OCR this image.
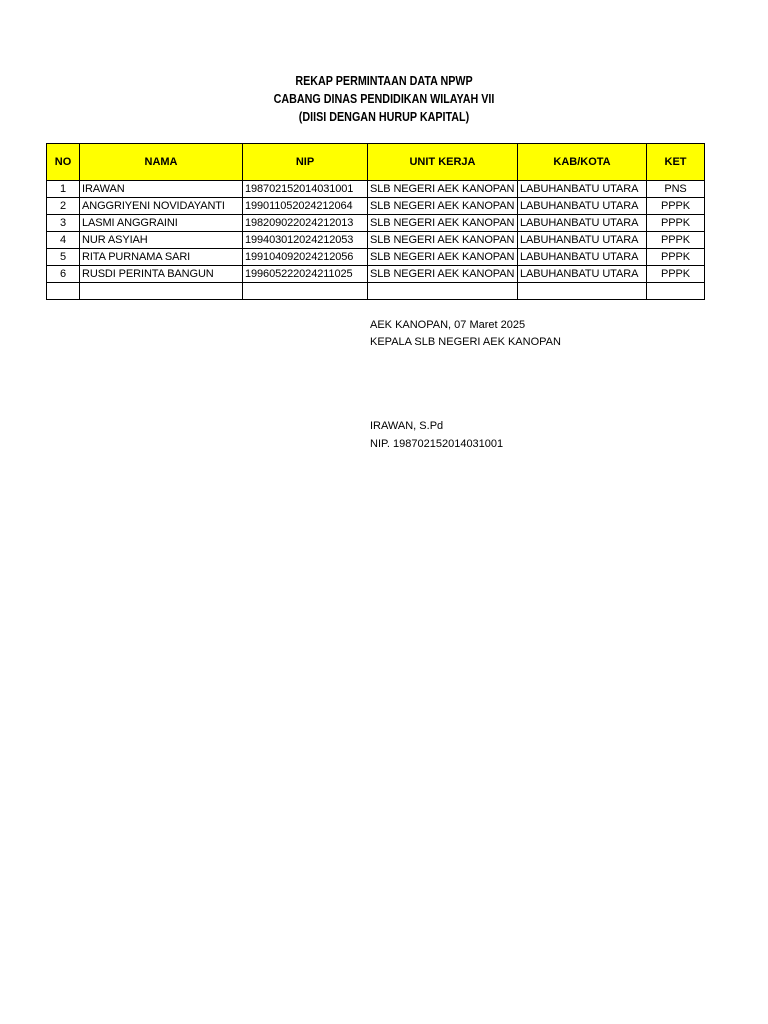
REKAP PERMINTAAN DATA NPWP
CABANG DINAS PENDIDIKAN WILAYAH VII
(DIISI DENGAN HURUP KAPITAL)
NO	NAMA	NIP	UNIT KERJA	KAB/KOTA	KET
1	IRAWAN	198702152014031001	SLB NEGERI AEK KANOPAN	LABUHANBATU UTARA	PNS
2	ANGGRIYENI NOVIDAYANTI	199011052024212064	SLB NEGERI AEK KANOPAN	LABUHANBATU UTARA	PPPK
3	LASMI ANGGRAINI	198209022024212013	SLB NEGERI AEK KANOPAN	LABUHANBATU UTARA	PPPK
4	NUR ASYIAH	199403012024212053	SLB NEGERI AEK KANOPAN	LABUHANBATU UTARA	PPPK
5	RITA PURNAMA SARI	199104092024212056	SLB NEGERI AEK KANOPAN	LABUHANBATU UTARA	PPPK
6	RUSDI PERINTA BANGUN	199605222024211025	SLB NEGERI AEK KANOPAN	LABUHANBATU UTARA	PPPK

AEK KANOPAN, 07 Maret 2025
KEPALA SLB NEGERI AEK KANOPAN
IRAWAN, S.Pd
NIP. 198702152014031001
